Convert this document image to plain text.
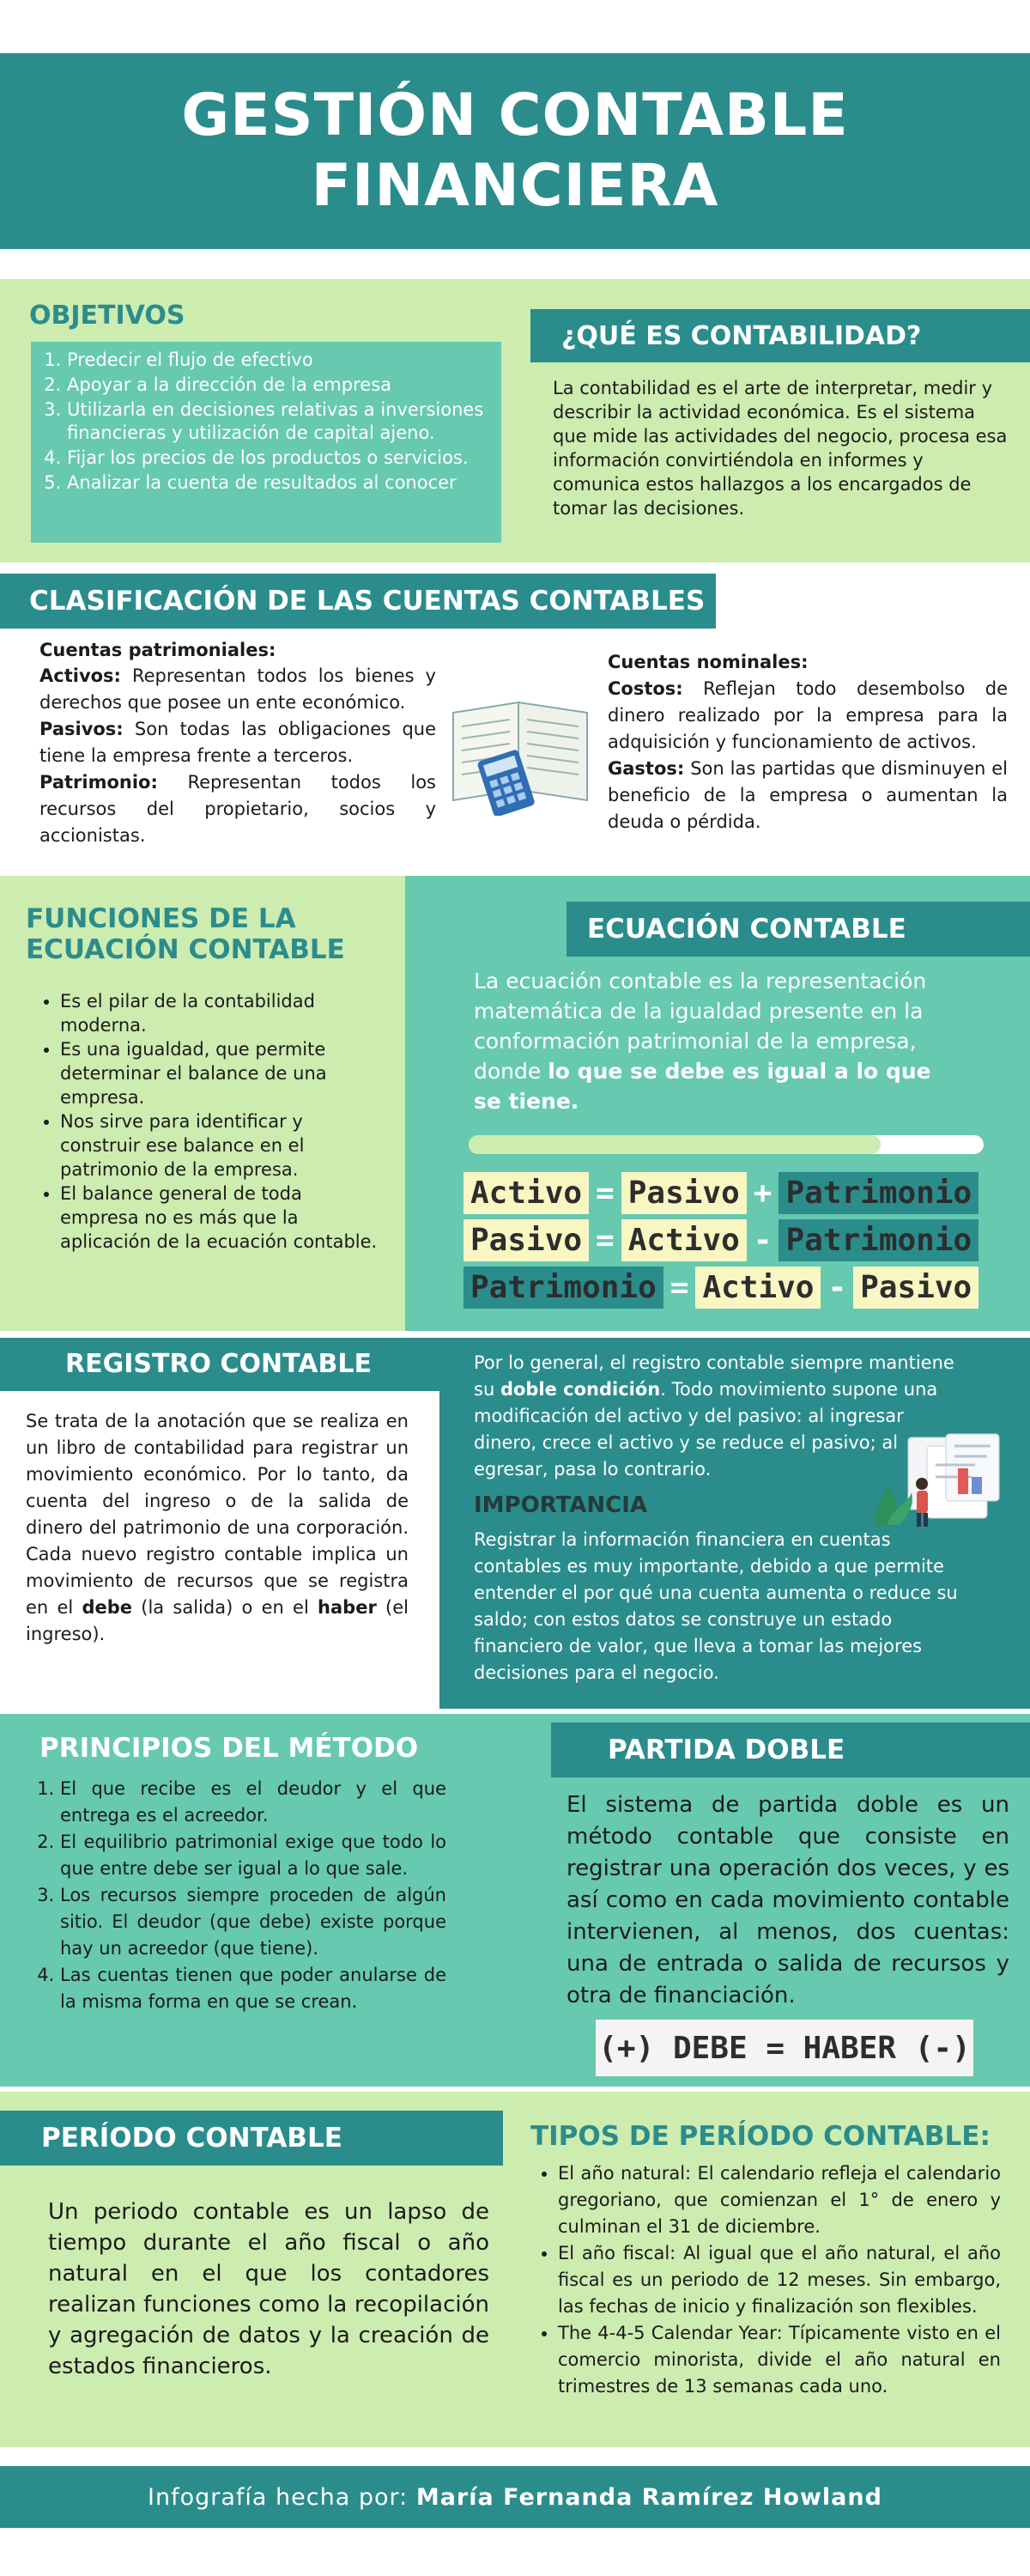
GESTIÓN CONTABLE
FINANCIERA
OBJETIVOS
1. Predecir el flujo de efectivo
2. Apoyar a la dirección de la empresa
3. Utilizarla en decisiones relativas a inversiones financieras y utilización de capital ajeno.
4. Fijar los precios de los productos o servicios.
5. Analizar la cuenta de resultados al conocer
¿QUÉ ES CONTABILIDAD?

La contabilidad es el arte de interpretar, medir y describir la actividad económica. Es el sistema que mide las actividades del negocio, procesa esa información convirtiéndola en informes y comunica estos hallazgos a los encargados de tomar las decisiones.

CLASIFICACIÓN DE LAS CUENTAS CONTABLES

Cuentas patrimoniales:

Activos: Representan todos los bienes y derechos que posee un ente económico.

Pasivos: Son todas las obligaciones que tiene la empresa frente a terceros.

Patrimonio: Representan todos los recursos del propietario, socios y accionistas.

Cuentas nominales:

Costos: Reflejan todo desembolso de dinero realizado por la empresa para la adquisición y funcionamiento de activos.

Gastos: Son las partidas que disminuyen el beneficio de la empresa o aumentan la deuda o pérdida.

FUNCIONES DE LA
ECUACIÓN CONTABLE
• Es el pilar de la contabilidad moderna.
• Es una igualdad, que permite determinar el balance de una empresa.
• Nos sirve para identificar y construir ese balance en el patrimonio de la empresa.
• El balance general de toda empresa no es más que la aplicación de la ecuación contable.
ECUACIÓN CONTABLE

La ecuación contable es la representación matemática de la igualdad presente en la conformación patrimonial de la empresa, donde lo que se debe es igual a lo que se tiene.

Activo = Pasivo + Patrimonio
Pasivo = Activo - Patrimonio
Patrimonio = Activo - Pasivo
REGISTRO CONTABLE

Se trata de la anotación que se realiza en un libro de contabilidad para registrar un movimiento económico. Por lo tanto, da cuenta del ingreso o de la salida de dinero del patrimonio de una corporación. Cada nuevo registro contable implica un movimiento de recursos que se registra en el debe (la salida) o en el haber (el ingreso).

Por lo general, el registro contable siempre mantiene su doble condición. Todo movimiento supone una modificación del activo y del pasivo: al ingresar dinero, crece el activo y se reduce el pasivo; al egresar, pasa lo contrario.

IMPORTANCIA

Registrar la información financiera en cuentas contables es muy importante, debido a que permite entender el por qué una cuenta aumenta o reduce su saldo; con estos datos se construye un estado financiero de valor, que lleva a tomar las mejores decisiones para el negocio.

PRINCIPIOS DEL MÉTODO
1. El que recibe es el deudor y el que entrega es el acreedor.
2. El equilibrio patrimonial exige que todo lo que entre debe ser igual a lo que sale.
3. Los recursos siempre proceden de algún sitio. El deudor (que debe) existe porque hay un acreedor (que tiene).
4. Las cuentas tienen que poder anularse de la misma forma en que se crean.
PARTIDA DOBLE

El sistema de partida doble es un método contable que consiste en registrar una operación dos veces, y es así como en cada movimiento contable intervienen, al menos, dos cuentas: una de entrada o salida de recursos y otra de financiación.

(+) DEBE = HABER (-)
PERÍODO CONTABLE

Un periodo contable es un lapso de tiempo durante el año fiscal o año natural en el que los contadores realizan funciones como la recopilación y agregación de datos y la creación de estados financieros.

TIPOS DE PERÍODO CONTABLE:
• El año natural: El calendario refleja el calendario gregoriano, que comienzan el 1° de enero y culminan el 31 de diciembre.
• El año fiscal: Al igual que el año natural, el año fiscal es un periodo de 12 meses. Sin embargo, las fechas de inicio y finalización son flexibles.
• The 4-4-5 Calendar Year: Típicamente visto en el comercio minorista, divide el año natural en trimestres de 13 semanas cada uno.
Infografía hecha por: María Fernanda Ramírez Howland
